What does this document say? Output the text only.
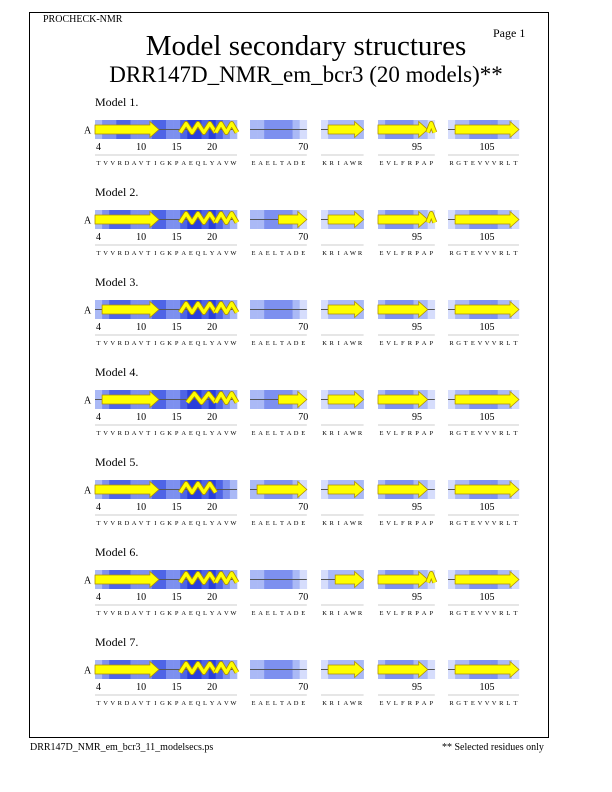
PROCHECK-NMR
Page 1
Model secondary structures
DRR147D_NMR_em_bcr3 (20 models)**
Model 1.
A
4	10	15	20
T V V R D A V T I G K P A E Q L Y A V W
70
E A E L T A D E	K R I A W R
95
E V L F R P A P
105
R G T E V V V R L T
Model 2.
A
4	10	15	20
T V V R D A V T I G K P A E Q L Y A V W
70
E A E L T A D E	K R I A W R
95
E V L F R P A P
105
R G T E V V V R L T
Model 3.
A
4	10	15	20
T V V R D A V T I G K P A E Q L Y A V W
70
E A E L T A D E	K R I A W R
95
E V L F R P A P
105
R G T E V V V R L T
Model 4.
A
4	10	15	20
T V V R D A V T I G K P A E Q L Y A V W
70
E A E L T A D E	K R I A W R
95
E V L F R P A P
105
R G T E V V V R L T
Model 5.
A
4	10	15	20
T V V R D A V T I G K P A E Q L Y A V W
70
E A E L T A D E	K R I A W R
95
E V L F R P A P
105
R G T E V V V R L T
Model 6.
A
4	10	15	20
T V V R D A V T I G K P A E Q L Y A V W
70
E A E L T A D E	K R I A W R
95
E V L F R P A P
105
R G T E V V V R L T
Model 7.
A
4	10	15	20
T V V R D A V T I G K P A E Q L Y A V W
70
E A E L T A D E	K R I A W R
95
E V L F R P A P
105
R G T E V V V R L T
DRR147D_NMR_em_bcr3_11_modelsecs.ps	** Selected residues only
